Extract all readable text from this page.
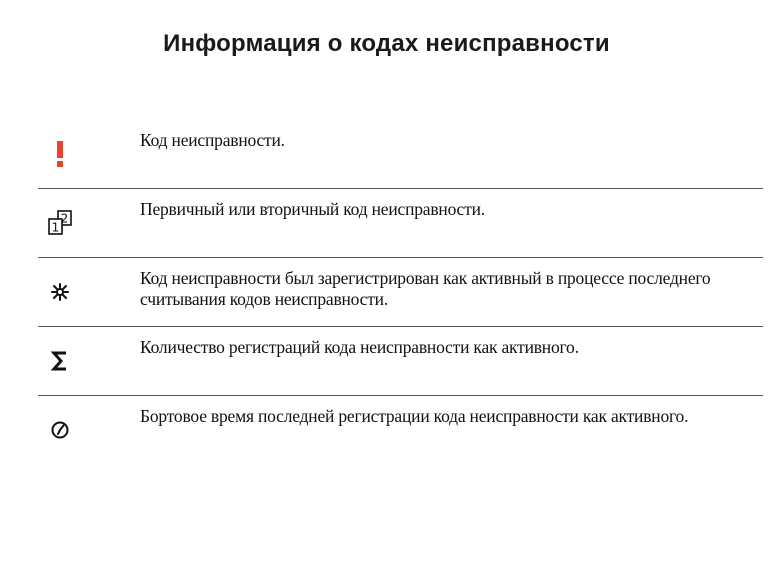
Информация о кодах неисправности
Код неисправности.
2
1
Первичный или вторичный код неисправности.
Код неисправности был зарегистрирован как активный в процессе последнего считывания кодов неисправности.
Количество регистраций кода неисправности как активного.
Бортовое время последней регистрации кода неисправности как активного.
